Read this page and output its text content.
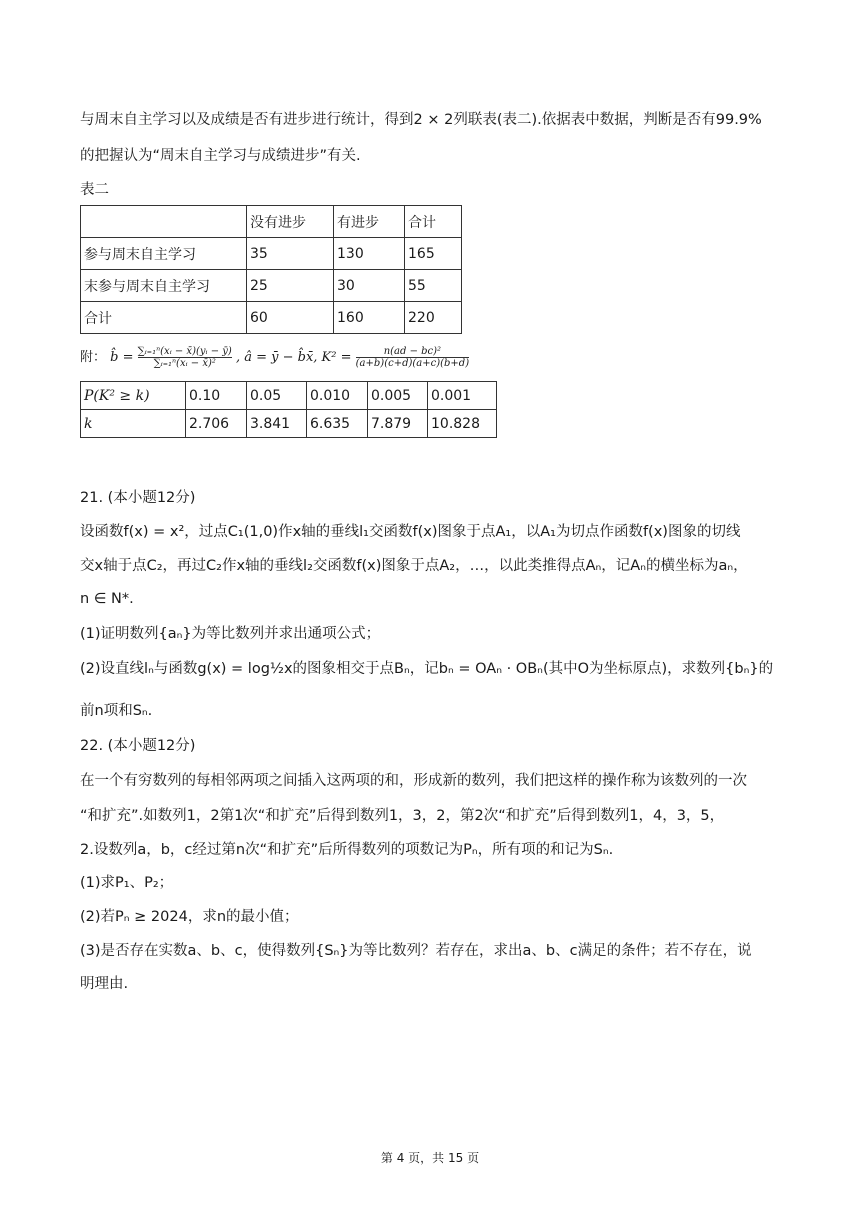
与周末自主学习以及成绩是否有进步进行统计，得到2 × 2列联表(表二).依据表中数据，判断是否有99.9%
的把握认为“周末自主学习与成绩进步”有关.
表二
	没有进步	有进步	合计
参与周末自主学习	35	130	165
末参与周末自主学习	25	30	55
合计	60	160	220
附： b̂ = $\frac{\text{∑ᵢ₌₁ⁿ(xᵢ − x̄)(yᵢ − ȳ)}}{\text{∑ᵢ₌₁ⁿ(xᵢ − x̄)²}}$ , â = ȳ − b̂x̄, $K^2 = \frac{\text{n(ad − bc)²}}{(a+b)(c+d)(a+c)(b+d)}$
P(K² ≥ k)	0.10	0.05	0.010	0.005	0.001
k	2.706	3.841	6.635	7.879	10.828
21. (本小题12分)
设函数f(x) = x²，过点C₁(1,0)作x轴的垂线l₁交函数f(x)图象于点A₁，以A₁为切点作函数f(x)图象的切线
交x轴于点C₂，再过C₂作x轴的垂线l₂交函数f(x)图象于点A₂，…，以此类推得点Aₙ，记Aₙ的横坐标为aₙ，
n ∈ N*.
(1)证明数列{aₙ}为等比数列并求出通项公式；
(2)设直线lₙ与函数g(x) = log½x的图象相交于点Bₙ，记bₙ = OAₙ · OBₙ(其中O为坐标原点)，求数列{bₙ}的
前n项和Sₙ.
22. (本小题12分)
在一个有穷数列的每相邻两项之间插入这两项的和，形成新的数列，我们把这样的操作称为该数列的一次
“和扩充”.如数列1，2第1次“和扩充”后得到数列1，3，2，第2次“和扩充”后得到数列1，4，3，5，
2.设数列a，b，c经过第n次“和扩充”后所得数列的项数记为Pₙ，所有项的和记为Sₙ.
(1)求P₁、P₂；
(2)若Pₙ ≥ 2024，求n的最小值；
(3)是否存在实数a、b、c，使得数列{Sₙ}为等比数列？若存在，求出a、b、c满足的条件；若不存在，说
明理由.
第 4 页，共 15 页
